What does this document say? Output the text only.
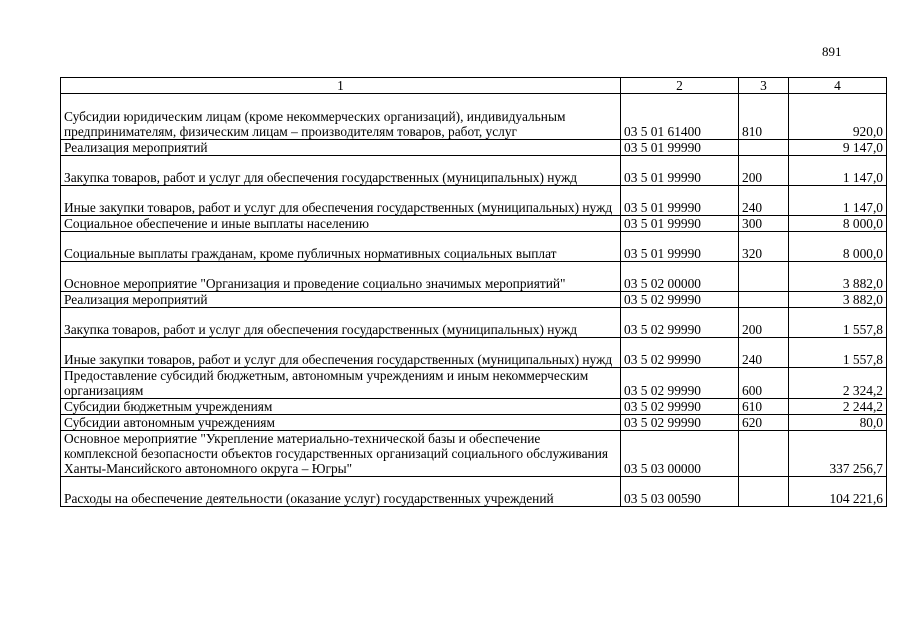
891
1	2	3	4
Субсидии юридическим лицам (кроме некоммерческих организаций), индивидуальным предпринимателям, физическим лицам – производителям товаров, работ, услуг	03 5 01 61400	810	920,0
Реализация мероприятий	03 5 01 99990		9 147,0
Закупка товаров, работ и услуг для обеспечения государственных (муниципальных) нужд	03 5 01 99990	200	1 147,0
Иные закупки товаров, работ и услуг для обеспечения государственных (муниципальных) нужд	03 5 01 99990	240	1 147,0
Социальное обеспечение и иные выплаты населению	03 5 01 99990	300	8 000,0
Социальные выплаты гражданам, кроме публичных нормативных социальных выплат	03 5 01 99990	320	8 000,0
Основное мероприятие "Организация и проведение социально значимых мероприятий"	03 5 02 00000		3 882,0
Реализация мероприятий	03 5 02 99990		3 882,0
Закупка товаров, работ и услуг для обеспечения государственных (муниципальных) нужд	03 5 02 99990	200	1 557,8
Иные закупки товаров, работ и услуг для обеспечения государственных (муниципальных) нужд	03 5 02 99990	240	1 557,8
Предоставление субсидий бюджетным, автономным учреждениям и иным некоммерческим организациям	03 5 02 99990	600	2 324,2
Субсидии бюджетным учреждениям	03 5 02 99990	610	2 244,2
Субсидии автономным учреждениям	03 5 02 99990	620	80,0
Основное мероприятие "Укрепление материально-технической базы и обеспечение комплексной безопасности объектов государственных организаций социального обслуживания Ханты-Мансийского автономного округа – Югры"	03 5 03 00000		337 256,7
Расходы на обеспечение деятельности (оказание услуг) государственных учреждений	03 5 03 00590		104 221,6
